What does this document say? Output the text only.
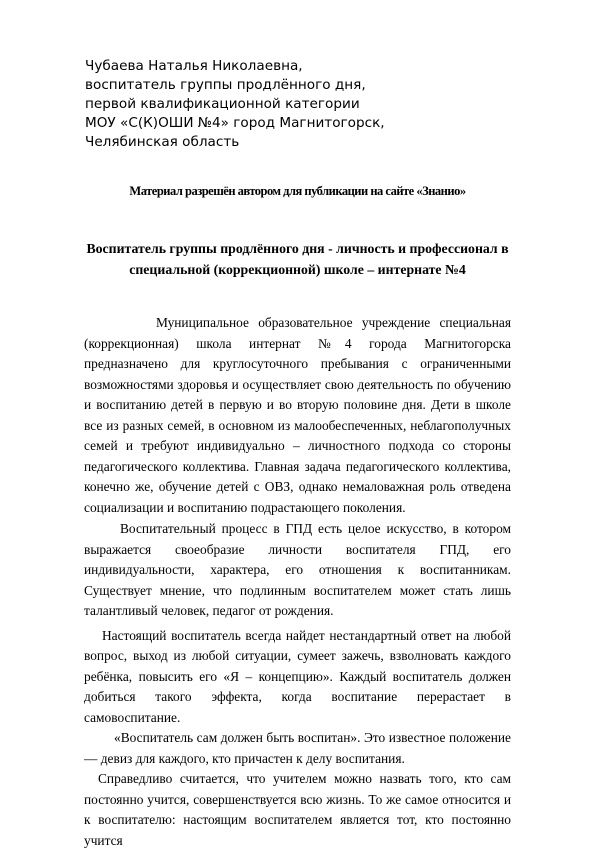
Чубаева Наталья Николаевна,
воспитатель группы продлённого дня,
первой квалификационной категории
МОУ «С(К)ОШИ №4» город Магнитогорск,
Челябинская область
Материал разрешён автором для публикации на сайте «Знанио»
Воспитатель группы продлённого дня - личность и профессионал в
специальной (коррекционной) школе – интернате №4

Муниципальное образовательное учреждение специальная (коррекционная) школа интернат №4 города Магнитогорска предназначено для круглосуточного пребывания с ограниченными возможностями здоровья и осуществляет свою деятельность по обучению и воспитанию детей в первую и во вторую половине дня. Дети в школе все из разных семей, в основном из малообеспеченных, неблагополучных семей и требуют индивидуально – личностного подхода со стороны педагогического коллектива. Главная задача педагогического коллектива, конечно же, обучение детей с ОВЗ, однако немаловажная роль отведена социализации и воспитанию подрастающего поколения.

Воспитательный процесс в ГПД есть целое искусство, в котором выражается своеобразие личности воспитателя ГПД, его индивидуальности, характера, его отношения к воспитанникам. Существует мнение, что подлинным воспитателем может стать лишь талантливый человек, педагог от рождения.

Настоящий воспитатель всегда найдет нестандартный ответ на любой вопрос, выход из любой ситуации, сумеет зажечь, взволновать каждого ребёнка, повысить его «Я – концепцию». Каждый воспитатель должен добиться такого эффекта, когда воспитание перерастает в самовоспитание.

«Воспитатель сам должен быть воспитан». Это известное положение — девиз для каждого, кто причастен к делу воспитания.

Справедливо считается, что учителем можно назвать того, кто сам постоянно учится, совершенствуется всю жизнь. То же самое относится и к воспитателю: настоящим воспитателем является тот, кто постоянно учится
